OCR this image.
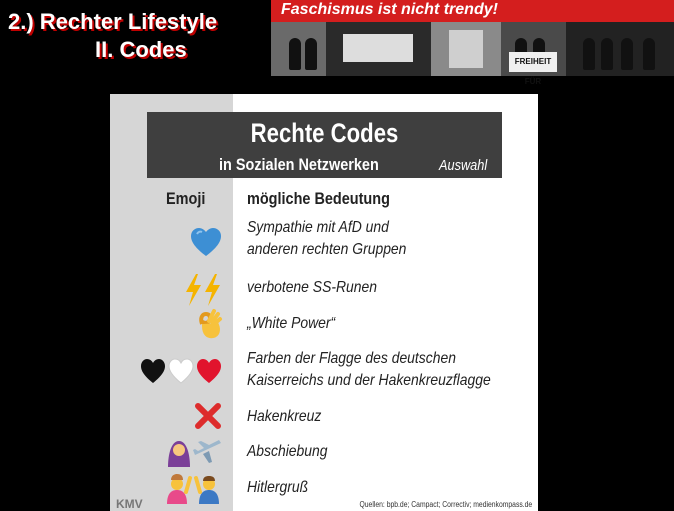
2.) Rechter Lifestyle
II. Codes
Faschismus ist nicht trendy!
FREIHEIT FÜR
Rechte Codes
in Sozialen Netzwerken	Auswahl
Emoji mögliche Bedeutung
Sympathie mit AfD und
anderen rechten Gruppen
verbotene SS-Runen
„White Power“
Farben der Flagge des deutschen
Kaiserreichs und der Hakenkreuzflagge
Hakenkreuz
Abschiebung
Hitlergruß
KMV	Quellen: bpb.de; Campact; Correctiv; medienkompass.de
